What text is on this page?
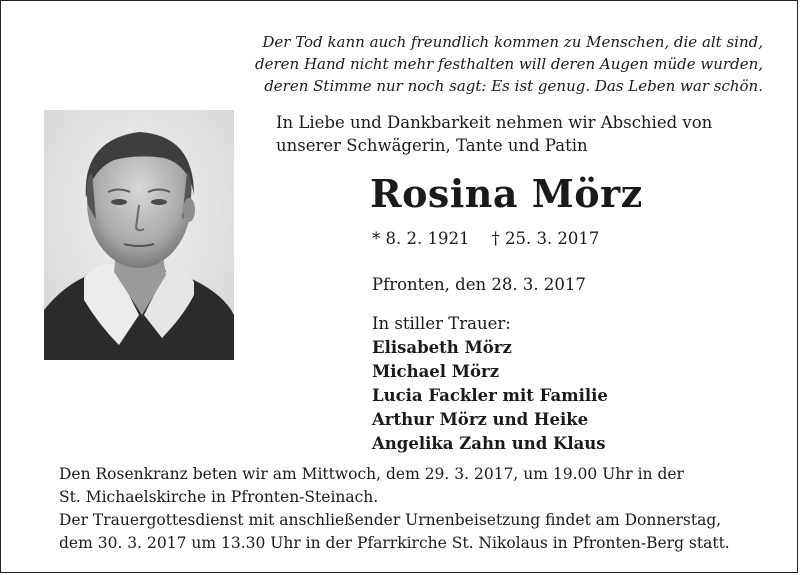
Der Tod kann auch freundlich kommen zu Menschen, die alt sind,
deren Hand nicht mehr festhalten will deren Augen müde wurden,
deren Stimme nur noch sagt: Es ist genug. Das Leben war schön.
In Liebe und Dankbarkeit nehmen wir Abschied von
unserer Schwägerin, Tante und Patin
Rosina Mörz
* 8. 2. 1921 † 25. 3. 2017
Pfronten, den 28. 3. 2017
In stiller Trauer:
Elisabeth Mörz
Michael Mörz
Lucia Fackler mit Familie
Arthur Mörz und Heike
Angelika Zahn und Klaus
Den Rosenkranz beten wir am Mittwoch, dem 29. 3. 2017, um 19.00 Uhr in der
St. Michaelskirche in Pfronten-Steinach.
Der Trauergottesdienst mit anschließender Urnenbeisetzung findet am Donnerstag,
dem 30. 3. 2017 um 13.30 Uhr in der Pfarrkirche St. Nikolaus in Pfronten-Berg statt.
